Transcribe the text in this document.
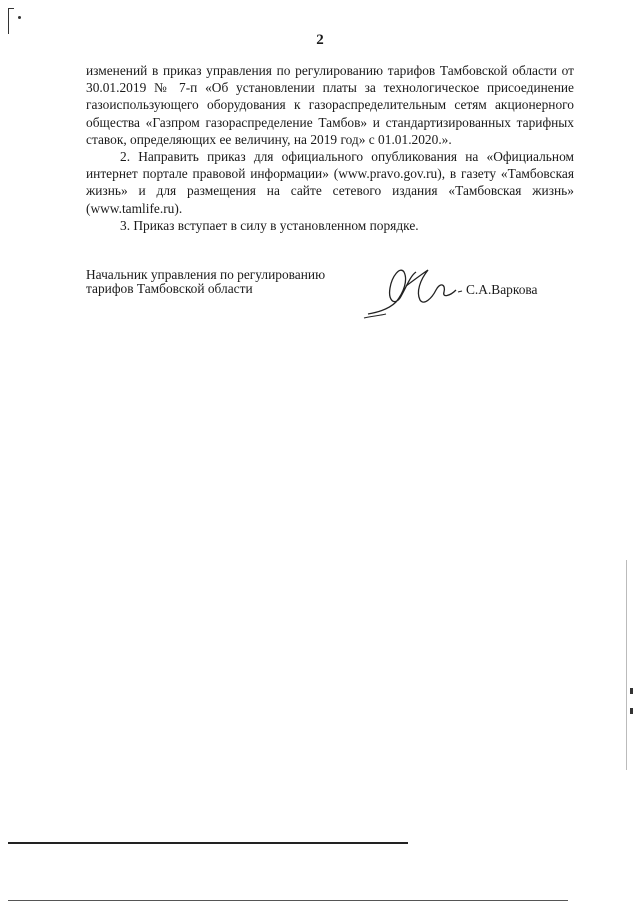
2

изменений в приказ управления по регулированию тарифов Тамбовской области от 30.01.2019 № 7-п «Об установлении платы за технологическое присоединение газоиспользующего оборудования к газораспределительным сетям акционерного общества «Газпром газораспределение Тамбов» и стандартизированных тарифных ставок, определяющих ее величину, на 2019 год» с 01.01.2020.».

2. Направить приказ для официального опубликования на «Официальном интернет портале правовой информации» (www.pravo.gov.ru), в газету «Тамбовская жизнь» и для размещения на сайте сетевого издания «Тамбовская жизнь» (www.tamlife.ru).

3. Приказ вступает в силу в установленном порядке.

Начальник управления по регулированию
тарифов Тамбовской области	С.А.Варкова
